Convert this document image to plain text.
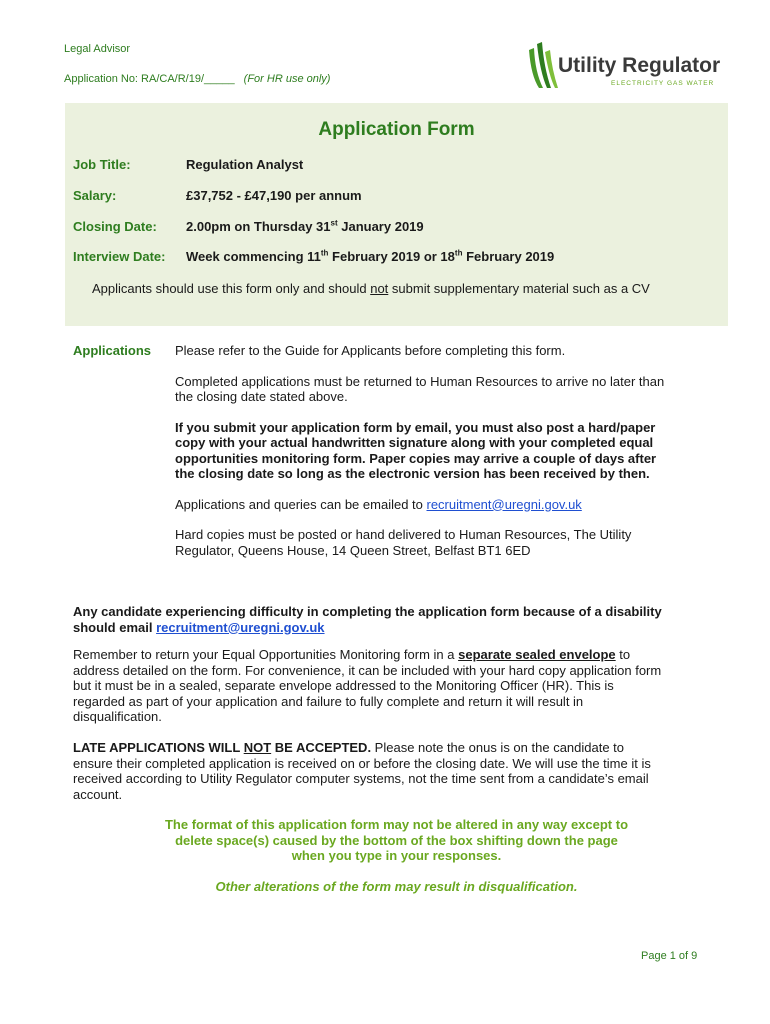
Legal Advisor
Application No: RA/CA/R/19/_____ (For HR use only)
Utility Regulator
ELECTRICITY GAS WATER
Application Form
Job Title:	Regulation Analyst
Salary:	£37,752 - £47,190 per annum
Closing Date: 2.00pm on Thursday 31st January 2019
Interview Date: Week commencing 11th February 2019 or 18th February 2019
Applicants should use this form only and should not submit supplementary material such as a CV
Applications Please refer to the Guide for Applicants before completing this form.
Completed applications must be returned to Human Resources to arrive no later than
the closing date stated above.
If you submit your application form by email, you must also post a hard/paper
copy with your actual handwritten signature along with your completed equal
opportunities monitoring form. Paper copies may arrive a couple of days after
the closing date so long as the electronic version has been received by then.
Applications and queries can be emailed to recruitment@uregni.gov.uk
Hard copies must be posted or hand delivered to Human Resources, The Utility
Regulator, Queens House, 14 Queen Street, Belfast BT1 6ED
Any candidate experiencing difficulty in completing the application form because of a disability
should email recruitment@uregni.gov.uk
Remember to return your Equal Opportunities Monitoring form in a separate sealed envelope to
address detailed on the form. For convenience, it can be included with your hard copy application form
but it must be in a sealed, separate envelope addressed to the Monitoring Officer (HR). This is
regarded as part of your application and failure to fully complete and return it will result in
disqualification.
LATE APPLICATIONS WILL NOT BE ACCEPTED. Please note the onus is on the candidate to
ensure their completed application is received on or before the closing date. We will use the time it is
received according to Utility Regulator computer systems, not the time sent from a candidate’s email
account.
The format of this application form may not be altered in any way except to
delete space(s) caused by the bottom of the box shifting down the page
when you type in your responses.
Other alterations of the form may result in disqualification.
Page 1 of 9
